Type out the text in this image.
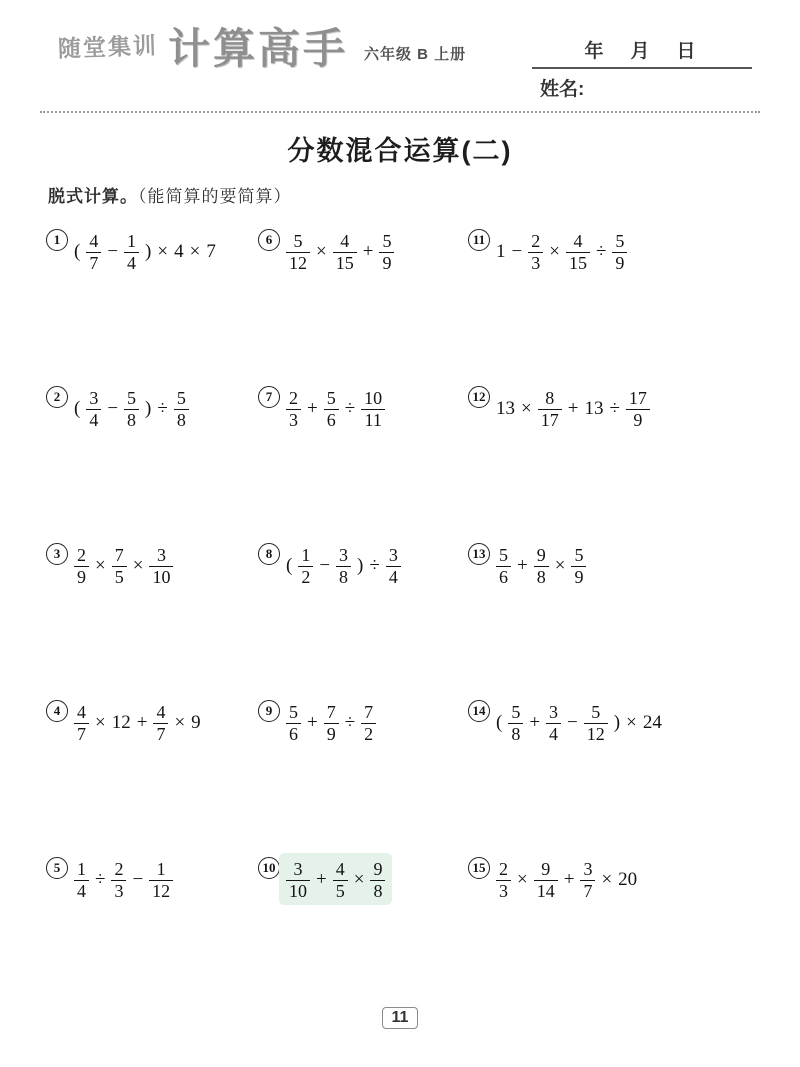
随堂集训 计算高手 六年级 B 上册	年　月　日
姓名:
分数混合运算(二)
脱式计算。（能简算的要简算）
1
( $\frac{4}{7} - \frac{1}{4}$ ) × 4 × 7
2
( $\frac{3}{4} - \frac{5}{8}$ ) ÷ $\frac{5}{8}$
$3 \frac{2}{9} \times \frac{7}{5} \times \frac{3}{10}$
$4 \frac{4}{7} \times 12 + \frac{4}{7} \times 9$
$5 \frac{1}{4} \div \frac{2}{3} - \frac{1}{12}$
$6 \frac{5}{12} \times \frac{4}{15} + \frac{5}{9}$
$7 \frac{2}{3} + \frac{5}{6} \div \frac{10}{11}$
8
( $\frac{1}{2} - \frac{3}{8}$ ) ÷ $\frac{3}{4}$
$9 \frac{5}{6} + \frac{7}{9} \div \frac{7}{2}$
$10 \frac{3}{10} + \frac{4}{5} \times \frac{9}{8}$
11
$1 - \frac{2}{3} \times \frac{4}{15} \div \frac{5}{9}$
12
$13 \times \frac{8}{17} + 13 \div \frac{17}{9}$
$13 \frac{5}{6} + \frac{9}{8} \times \frac{5}{9}$
14
( $\frac{5}{8} + \frac{3}{4} - \frac{5}{12}$ ) × 24
$15 \frac{2}{3} \times \frac{9}{14} + \frac{3}{7} \times 20$
11
